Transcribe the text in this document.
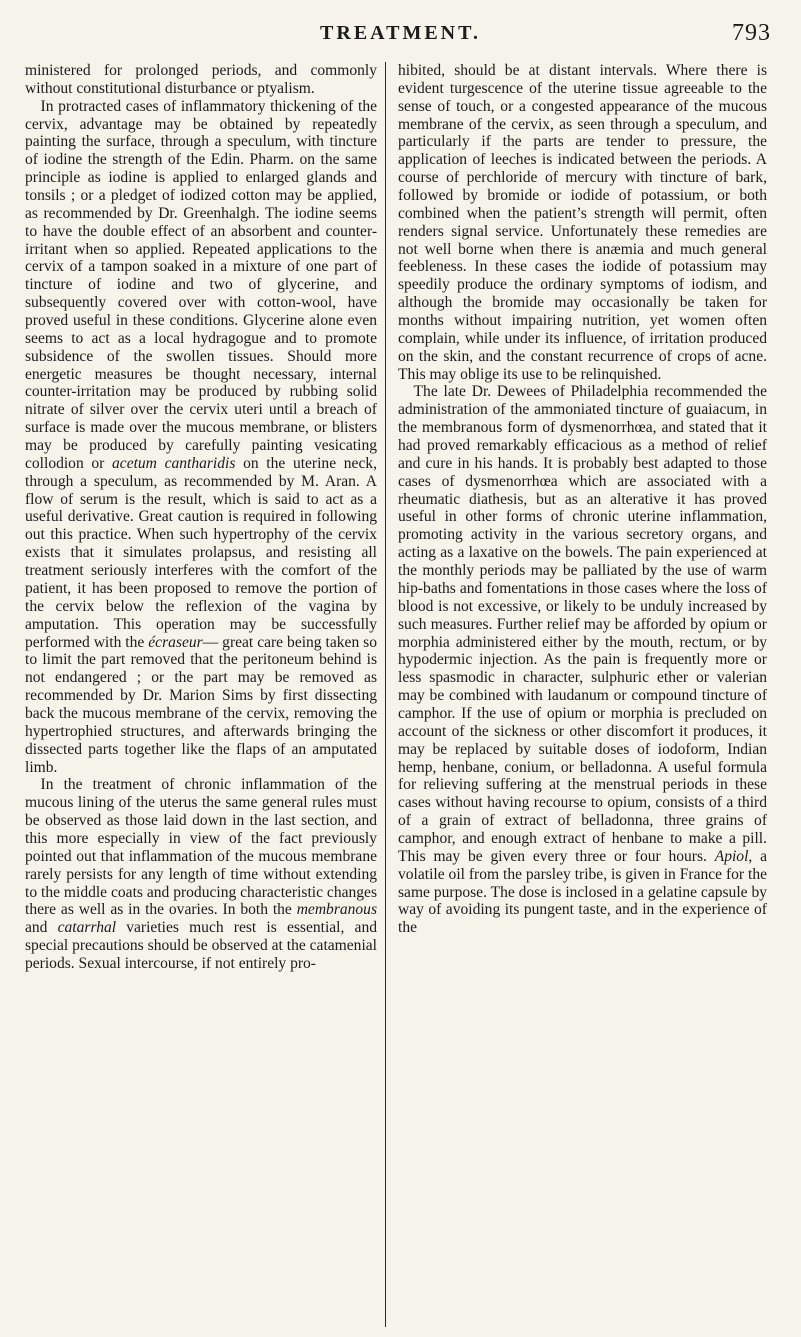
TREATMENT.	793

ministered for prolonged periods, and commonly without constitutional disturbance or ptyalism.

In protracted cases of inflammatory thickening of the cervix, advantage may be obtained by repeatedly painting the surface, through a speculum, with tincture of iodine the strength of the Edin. Pharm. on the same principle as iodine is applied to enlarged glands and tonsils ; or a pledget of iodized cotton may be applied, as recommended by Dr. Greenhalgh. The iodine seems to have the double effect of an absorbent and counter-irritant when so applied. Repeated applications to the cervix of a tampon soaked in a mixture of one part of tincture of iodine and two of glycerine, and subsequently covered over with cotton-wool, have proved useful in these conditions. Glycerine alone even seems to act as a local hydragogue and to promote subsidence of the swollen tissues. Should more energetic measures be thought necessary, internal counter-irritation may be produced by rubbing solid nitrate of silver over the cervix uteri until a breach of surface is made over the mucous membrane, or blisters may be produced by carefully painting vesicating collodion or acetum cantharidis on the uterine neck, through a speculum, as recommended by M. Aran. A flow of serum is the result, which is said to act as a useful derivative. Great caution is required in following out this practice. When such hypertrophy of the cervix exists that it simulates prolapsus, and resisting all treatment seriously interferes with the comfort of the patient, it has been proposed to remove the portion of the cervix below the reflexion of the vagina by amputation. This operation may be successfully performed with the écraseur— great care being taken so to limit the part removed that the peritoneum behind is not endangered ; or the part may be removed as recommended by Dr. Marion Sims by first dissecting back the mucous membrane of the cervix, removing the hypertrophied structures, and afterwards bringing the dissected parts together like the flaps of an amputated limb.

In the treatment of chronic inflammation of the mucous lining of the uterus the same general rules must be observed as those laid down in the last section, and this more especially in view of the fact previously pointed out that inflammation of the mucous membrane rarely persists for any length of time without extending to the middle coats and producing characteristic changes there as well as in the ovaries. In both the membranous and catarrhal varieties much rest is essential, and special precautions should be observed at the catamenial periods. Sexual intercourse, if not entirely pro-

hibited, should be at distant intervals. Where there is evident turgescence of the uterine tissue agreeable to the sense of touch, or a congested appearance of the mucous membrane of the cervix, as seen through a speculum, and particularly if the parts are tender to pressure, the application of leeches is indicated between the periods. A course of perchloride of mercury with tincture of bark, followed by bromide or iodide of potassium, or both combined when the patient’s strength will permit, often renders signal service. Unfortunately these remedies are not well borne when there is anæmia and much general feebleness. In these cases the iodide of potassium may speedily produce the ordinary symptoms of iodism, and although the bromide may occasionally be taken for months without impairing nutrition, yet women often complain, while under its influence, of irritation produced on the skin, and the constant recurrence of crops of acne. This may oblige its use to be relinquished.

The late Dr. Dewees of Philadelphia recommended the administration of the ammoniated tincture of guaiacum, in the membranous form of dysmenorrhœa, and stated that it had proved remarkably efficacious as a method of relief and cure in his hands. It is probably best adapted to those cases of dysmenorrhœa which are associated with a rheumatic diathesis, but as an alterative it has proved useful in other forms of chronic uterine inflammation, promoting activity in the various secretory organs, and acting as a laxative on the bowels. The pain experienced at the monthly periods may be palliated by the use of warm hip-baths and fomentations in those cases where the loss of blood is not excessive, or likely to be unduly increased by such measures. Further relief may be afforded by opium or morphia administered either by the mouth, rectum, or by hypodermic injection. As the pain is frequently more or less spasmodic in character, sulphuric ether or valerian may be combined with laudanum or compound tincture of camphor. If the use of opium or morphia is precluded on account of the sickness or other discomfort it produces, it may be replaced by suitable doses of iodoform, Indian hemp, henbane, conium, or belladonna. A useful formula for relieving suffering at the menstrual periods in these cases without having recourse to opium, consists of a third of a grain of extract of belladonna, three grains of camphor, and enough extract of henbane to make a pill. This may be given every three or four hours. Apiol, a volatile oil from the parsley tribe, is given in France for the same purpose. The dose is inclosed in a gelatine capsule by way of avoiding its pungent taste, and in the experience of the
